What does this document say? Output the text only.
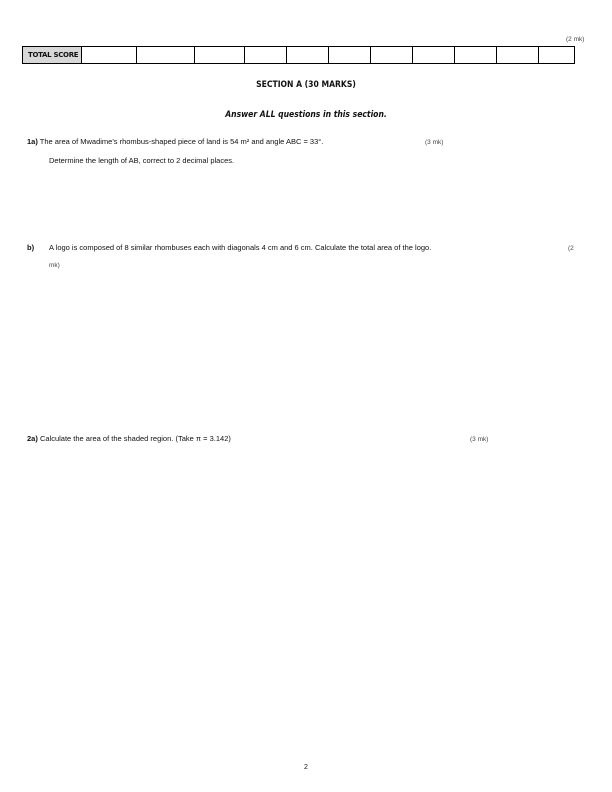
(2 mk)
TOTAL SCORE											
SECTION A (30 MARKS)
Answer ALL questions in this section.
1a) The area of Mwadime's rhombus-shaped piece of land is 54 m² and angle ABC = 33°.	(3 mk)
Determine the length of AB, correct to 2 decimal places.
b) A logo is composed of 8 similar rhombuses each with diagonals 4 cm and 6 cm. Calculate the total area of the logo.	(2
mk)
2a) Calculate the area of the shaded region. (Take π = 3.142)	(3 mk)
2
